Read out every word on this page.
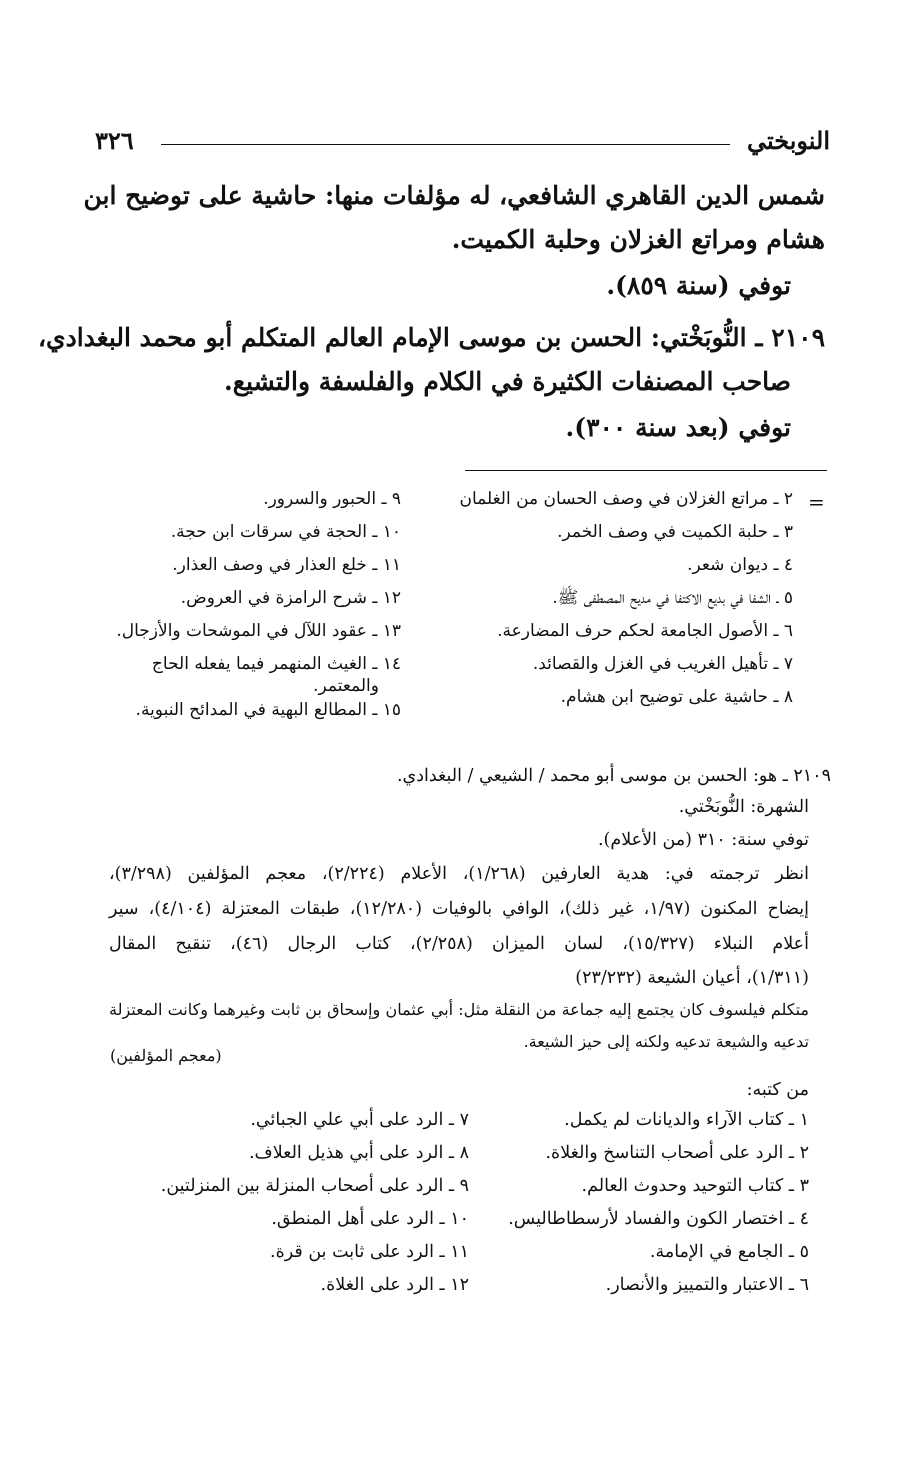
النوبختي
٣٢٦
شمس الدين القاهري الشافعي، له مؤلفات منها: حاشية على توضيح ابن
هشام ومراتع الغزلان وحلبة الكميت.
توفي (سنة ٨٥٩).
٢١٠٩ ـ النُّوبَخْتي: الحسن بن موسى الإمام العالم المتكلم أبو محمد البغدادي،
صاحب المصنفات الكثيرة في الكلام والفلسفة والتشيع.
توفي (بعد سنة ٣٠٠).
=
٢ ـ مراتع الغزلان في وصف الحسان من الغلمان
٣ ـ حلبة الكميت في وصف الخمر.
٤ ـ ديوان شعر.
٥ ـ الشفا في بديع الاكتفا في مديح المصطفى ﷺ.
٦ ـ الأصول الجامعة لحكم حرف المضارعة.
٧ ـ تأهيل الغريب في الغزل والقصائد.
٨ ـ حاشية على توضيح ابن هشام.
٩ ـ الحبور والسرور.
١٠ ـ الحجة في سرقات ابن حجة.
١١ ـ خلع العذار في وصف العذار.
١٢ ـ شرح الرامزة في العروض.
١٣ ـ عقود اللآل في الموشحات والأزجال.
١٤ ـ الغيث المنهمر فيما يفعله الحاج
والمعتمر.
١٥ ـ المطالع البهية في المدائح النبوية.
٢١٠٩ ـ هو: الحسن بن موسى أبو محمد / الشيعي / البغدادي.
الشهرة: النُّوبَخْتي.
توفي سنة: ٣١٠ (من الأعلام).
انظر ترجمته في: هدية العارفين (١/٢٦٨)، الأعلام (٢/٢٢٤)، معجم المؤلفين (٣/٢٩٨)،
إيضاح المكنون (١/٩٧، غير ذلك)، الوافي بالوفيات (١٢/٢٨٠)، طبقات المعتزلة (٤/١٠٤)، سير
أعلام النبلاء (١٥/٣٢٧)، لسان الميزان (٢/٢٥٨)، كتاب الرجال (٤٦)، تنقيح المقال
(١/٣١١)، أعيان الشيعة (٢٣/٢٣٢)
متكلم فيلسوف كان يجتمع إليه جماعة من النقلة مثل: أبي عثمان وإسحاق بن ثابت وغيرهما وكانت المعتزلة
تدعيه والشيعة تدعيه ولكنه إلى حيز الشيعة.
(معجم المؤلفين)
من كتبه:
١ ـ كتاب الآراء والديانات لم يكمل.
٢ ـ الرد على أصحاب التناسخ والغلاة.
٣ ـ كتاب التوحيد وحدوث العالم.
٤ ـ اختصار الكون والفساد لأرسطاطاليس.
٥ ـ الجامع في الإمامة.
٦ ـ الاعتبار والتمييز والأنصار.
٧ ـ الرد على أبي علي الجبائي.
٨ ـ الرد على أبي هذيل العلاف.
٩ ـ الرد على أصحاب المنزلة بين المنزلتين.
١٠ ـ الرد على أهل المنطق.
١١ ـ الرد على ثابت بن قرة.
١٢ ـ الرد على الغلاة.
